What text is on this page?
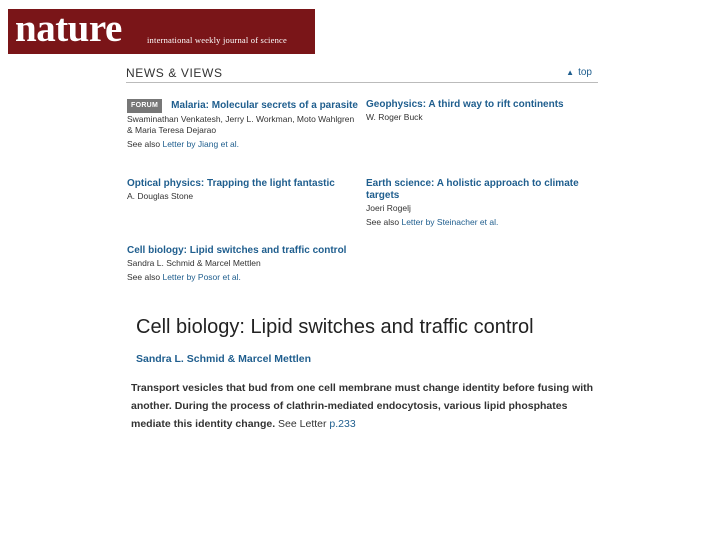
nature	international weekly journal of science
NEWS & VIEWS	▲ top
FORUM Malaria: Molecular secrets of a parasite
Swaminathan Venkatesh, Jerry L. Workman, Moto Wahlgren & Maria Teresa Dejarao
See also Letter by Jiang et al.
Geophysics: A third way to rift continents
W. Roger Buck
Optical physics: Trapping the light fantastic
A. Douglas Stone
Earth science: A holistic approach to climate targets
Joeri Rogelj
See also Letter by Steinacher et al.
Cell biology: Lipid switches and traffic control
Sandra L. Schmid & Marcel Mettlen
See also Letter by Posor et al.
Cell biology: Lipid switches and traffic control
Sandra L. Schmid & Marcel Mettlen
Transport vesicles that bud from one cell membrane must change identity before fusing with another. During the process of clathrin-mediated endocytosis, various lipid phosphates mediate this identity change. See Letter p.233
